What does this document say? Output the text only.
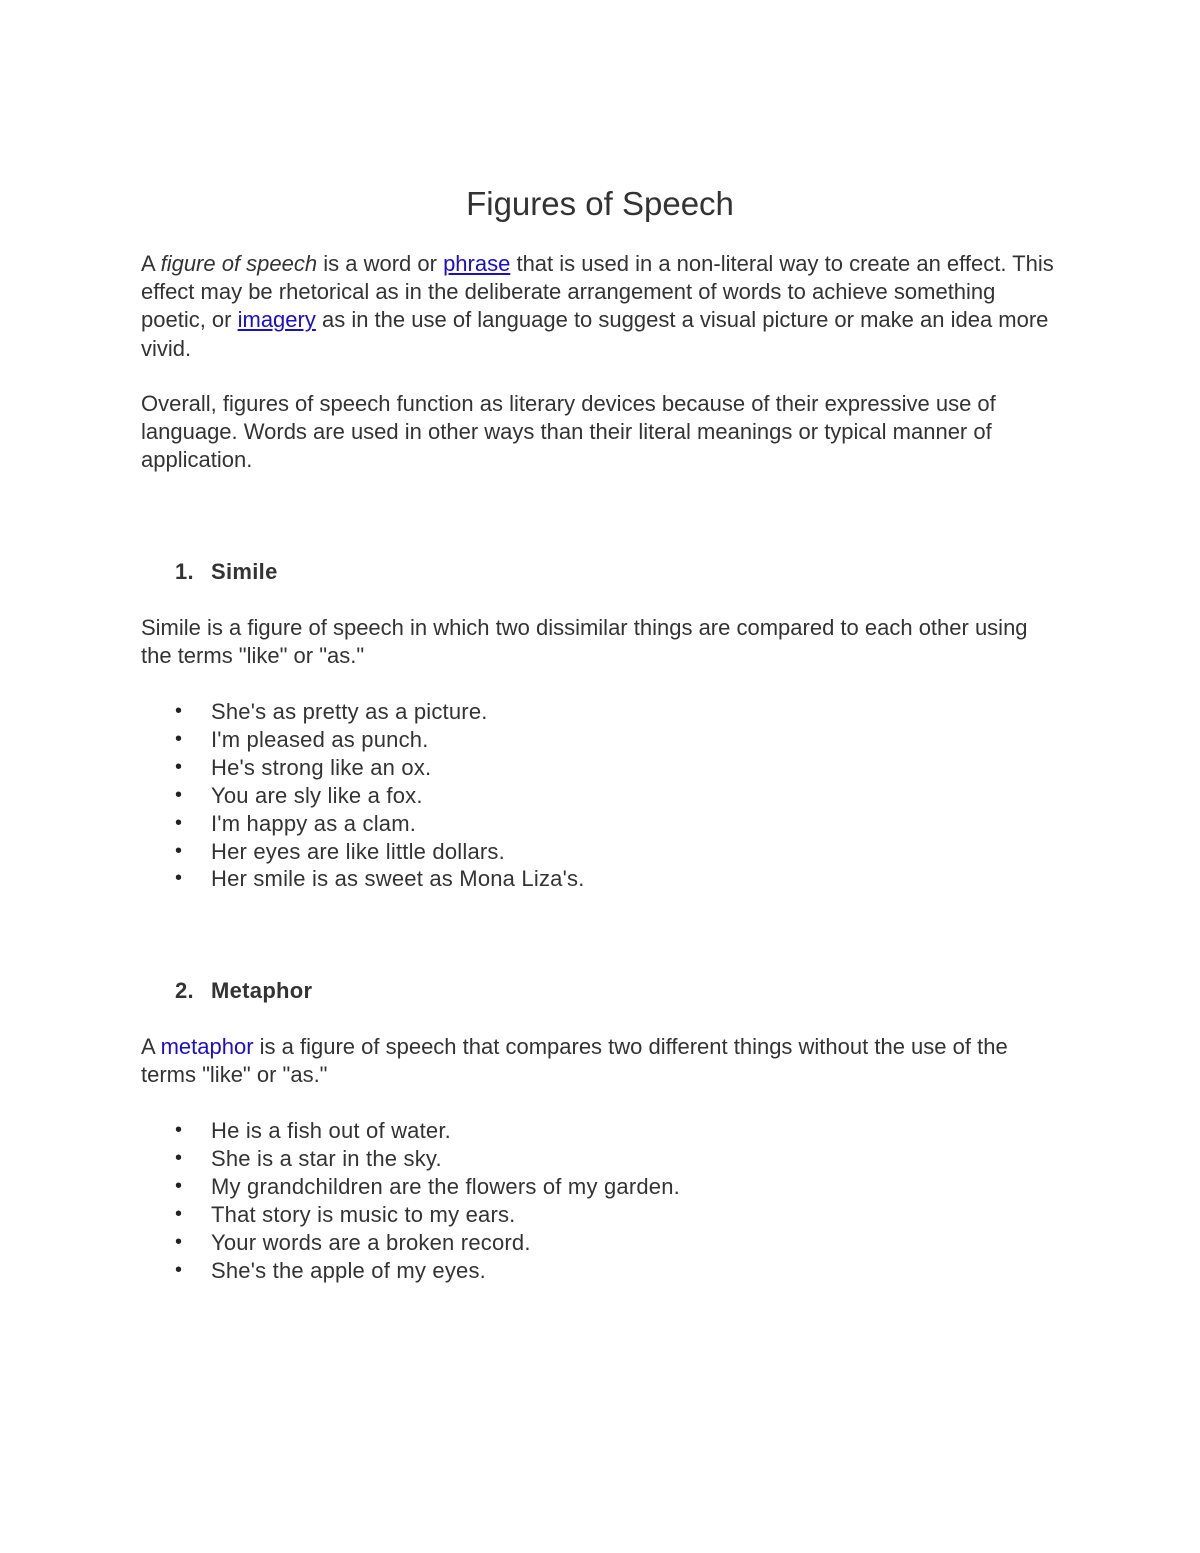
Figures of Speech

A figure of speech is a word or phrase that is used in a non-literal way to create an effect. This effect may be rhetorical as in the deliberate arrangement of words to achieve something poetic, or imagery as in the use of language to suggest a visual picture or make an idea more vivid.

Overall, figures of speech function as literary devices because of their expressive use of language. Words are used in other ways than their literal meanings or typical manner of application.

1. Simile

Simile is a figure of speech in which two dissimilar things are compared to each other using the terms "like" or "as."

• She's as pretty as a picture.
• I'm pleased as punch.
• He's strong like an ox.
• You are sly like a fox.
• I'm happy as a clam.
• Her eyes are like little dollars.
• Her smile is as sweet as Mona Liza's.
2. Metaphor

A metaphor is a figure of speech that compares two different things without the use of the terms "like" or "as."

• He is a fish out of water.
• She is a star in the sky.
• My grandchildren are the flowers of my garden.
• That story is music to my ears.
• Your words are a broken record.
• She's the apple of my eyes.
